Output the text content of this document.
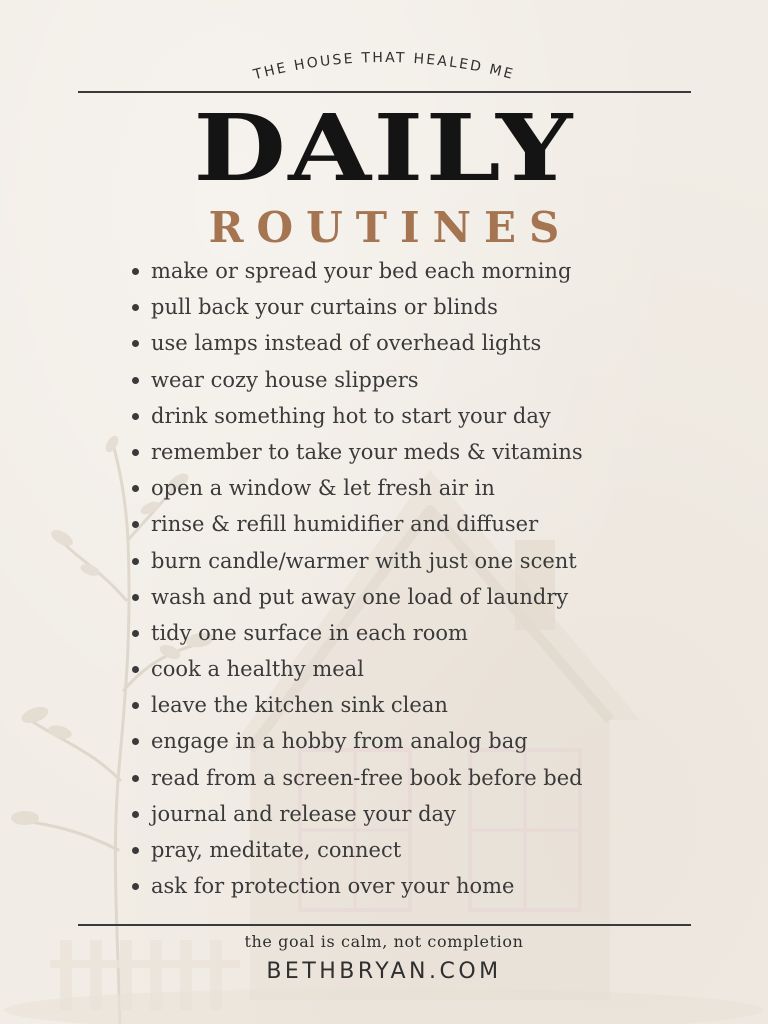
THE HOUSE THAT HEALED ME
DAILY
ROUTINES
make or spread your bed each morning
pull back your curtains or blinds
use lamps instead of overhead lights
wear cozy house slippers
drink something hot to start your day
remember to take your meds & vitamins
open a window & let fresh air in
rinse & refill humidifier and diffuser
burn candle/warmer with just one scent
wash and put away one load of laundry
tidy one surface in each room
cook a healthy meal
leave the kitchen sink clean
engage in a hobby from analog bag
read from a screen-free book before bed
journal and release your day
pray, meditate, connect
ask for protection over your home
the goal is calm, not completion
BETHBRYAN.COM
